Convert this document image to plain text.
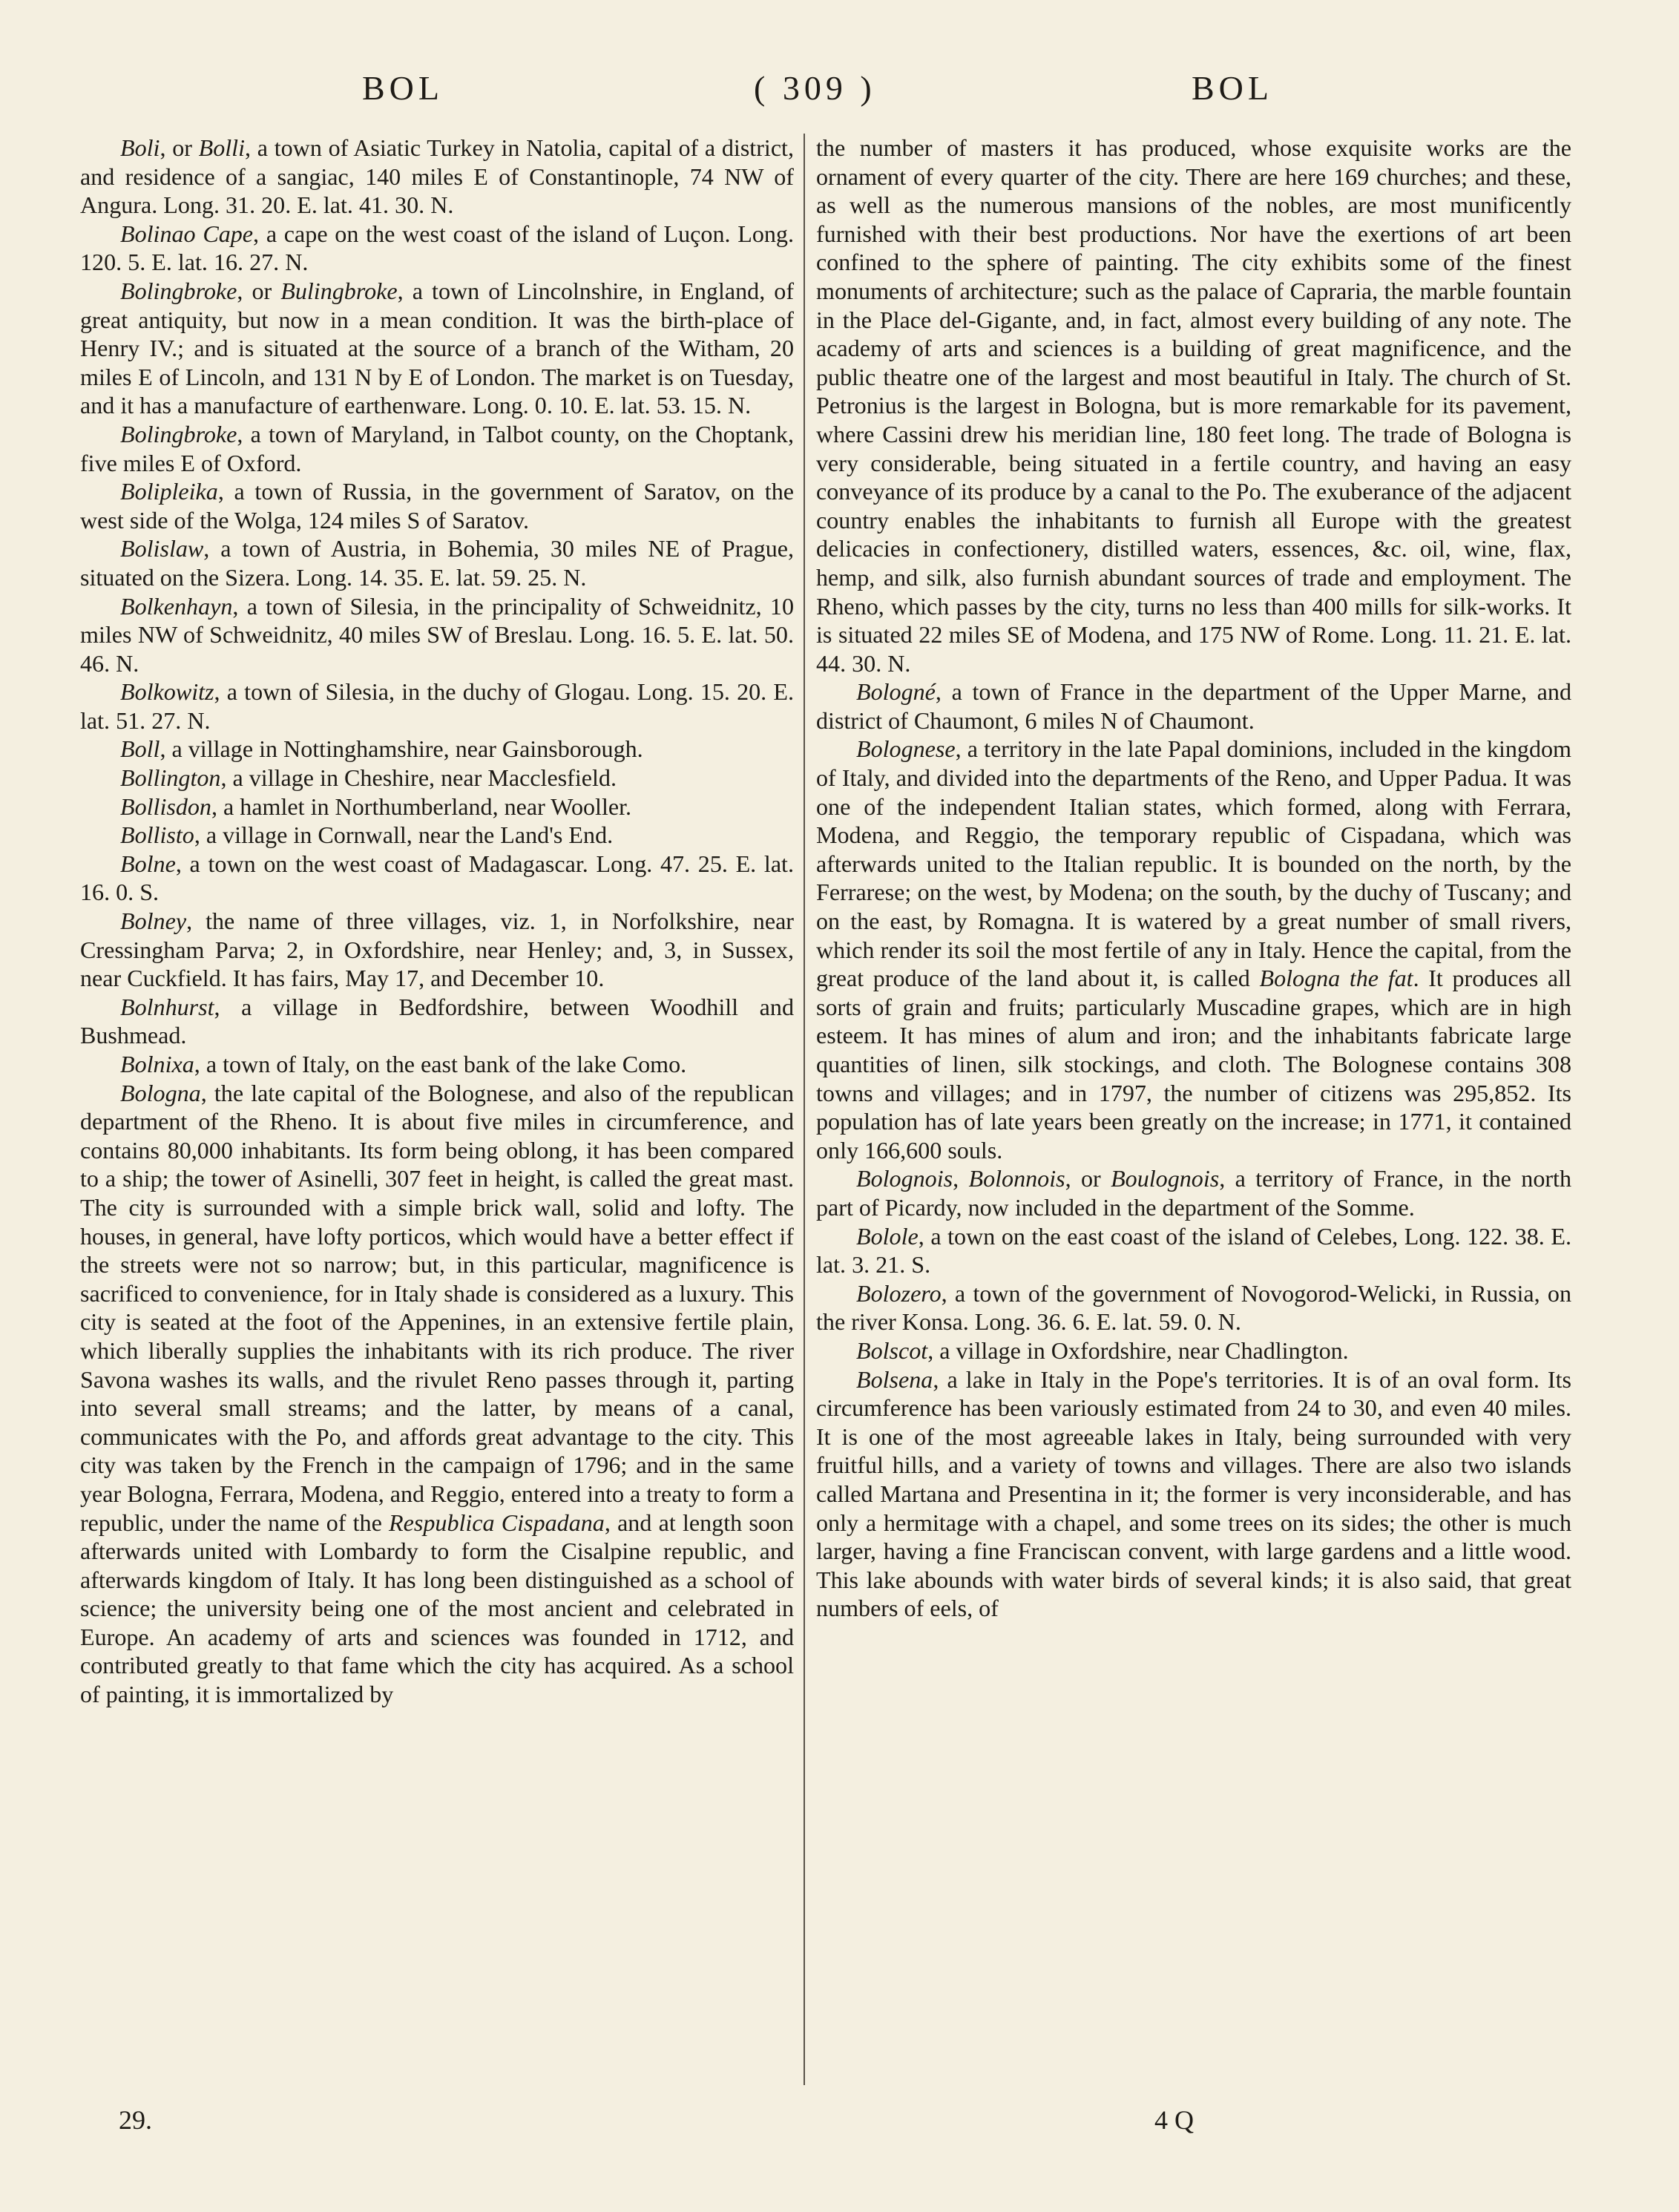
BOL	( 309 )	BOL

Boli, or Bolli, a town of Asiatic Turkey in Natolia, capital of a district, and residence of a sangiac, 140 miles E of Constantinople, 74 NW of Angura. Long. 31. 20. E. lat. 41. 30. N.

Bolinao Cape, a cape on the west coast of the island of Luçon. Long. 120. 5. E. lat. 16. 27. N.

Bolingbroke, or Bulingbroke, a town of Lincolnshire, in England, of great antiquity, but now in a mean condition. It was the birth-place of Henry IV.; and is situated at the source of a branch of the Witham, 20 miles E of Lincoln, and 131 N by E of London. The market is on Tuesday, and it has a manufacture of earthenware. Long. 0. 10. E. lat. 53. 15. N.

Bolingbroke, a town of Maryland, in Talbot county, on the Choptank, five miles E of Oxford.

Bolipleika, a town of Russia, in the government of Saratov, on the west side of the Wolga, 124 miles S of Saratov.

Bolislaw, a town of Austria, in Bohemia, 30 miles NE of Prague, situated on the Sizera. Long. 14. 35. E. lat. 59. 25. N.

Bolkenhayn, a town of Silesia, in the principality of Schweidnitz, 10 miles NW of Schweidnitz, 40 miles SW of Breslau. Long. 16. 5. E. lat. 50. 46. N.

Bolkowitz, a town of Silesia, in the duchy of Glogau. Long. 15. 20. E. lat. 51. 27. N.

Boll, a village in Nottinghamshire, near Gainsborough.

Bollington, a village in Cheshire, near Macclesfield.

Bollisdon, a hamlet in Northumberland, near Wooller.

Bollisto, a village in Cornwall, near the Land's End.

Bolne, a town on the west coast of Madagascar. Long. 47. 25. E. lat. 16. 0. S.

Bolney, the name of three villages, viz. 1, in Norfolkshire, near Cressingham Parva; 2, in Oxfordshire, near Henley; and, 3, in Sussex, near Cuckfield. It has fairs, May 17, and December 10.

Bolnhurst, a village in Bedfordshire, between Woodhill and Bushmead.

Bolnixa, a town of Italy, on the east bank of the lake Como.

Bologna, the late capital of the Bolognese, and also of the republican department of the Rheno. It is about five miles in circumference, and contains 80,000 inhabitants. Its form being oblong, it has been compared to a ship; the tower of Asinelli, 307 feet in height, is called the great mast. The city is surrounded with a simple brick wall, solid and lofty. The houses, in general, have lofty porticos, which would have a better effect if the streets were not so narrow; but, in this particular, magnificence is sacrificed to convenience, for in Italy shade is considered as a luxury. This city is seated at the foot of the Appenines, in an extensive fertile plain, which liberally supplies the inhabitants with its rich produce. The river Savona washes its walls, and the rivulet Reno passes through it, parting into several small streams; and the latter, by means of a canal, communicates with the Po, and affords great advantage to the city. This city was taken by the French in the campaign of 1796; and in the same year Bologna, Ferrara, Modena, and Reggio, entered into a treaty to form a republic, under the name of the Respublica Cispadana, and at length soon afterwards united with Lombardy to form the Cisalpine republic, and afterwards kingdom of Italy. It has long been distinguished as a school of science; the university being one of the most ancient and celebrated in Europe. An academy of arts and sciences was founded in 1712, and contributed greatly to that fame which the city has acquired. As a school of painting, it is immortalized by

the number of masters it has produced, whose exquisite works are the ornament of every quarter of the city. There are here 169 churches; and these, as well as the numerous mansions of the nobles, are most munificently furnished with their best productions. Nor have the exertions of art been confined to the sphere of painting. The city exhibits some of the finest monuments of architecture; such as the palace of Capraria, the marble fountain in the Place del-Gigante, and, in fact, almost every building of any note. The academy of arts and sciences is a building of great magnificence, and the public theatre one of the largest and most beautiful in Italy. The church of St. Petronius is the largest in Bologna, but is more remarkable for its pavement, where Cassini drew his meridian line, 180 feet long. The trade of Bologna is very considerable, being situated in a fertile country, and having an easy conveyance of its produce by a canal to the Po. The exuberance of the adjacent country enables the inhabitants to furnish all Europe with the greatest delicacies in confectionery, distilled waters, essences, &c. oil, wine, flax, hemp, and silk, also furnish abundant sources of trade and employment. The Rheno, which passes by the city, turns no less than 400 mills for silk-works. It is situated 22 miles SE of Modena, and 175 NW of Rome. Long. 11. 21. E. lat. 44. 30. N.

Bologné, a town of France in the department of the Upper Marne, and district of Chaumont, 6 miles N of Chaumont.

Bolognese, a territory in the late Papal dominions, included in the kingdom of Italy, and divided into the departments of the Reno, and Upper Padua. It was one of the independent Italian states, which formed, along with Ferrara, Modena, and Reggio, the temporary republic of Cispadana, which was afterwards united to the Italian republic. It is bounded on the north, by the Ferrarese; on the west, by Modena; on the south, by the duchy of Tuscany; and on the east, by Romagna. It is watered by a great number of small rivers, which render its soil the most fertile of any in Italy. Hence the capital, from the great produce of the land about it, is called Bologna the fat. It produces all sorts of grain and fruits; particularly Muscadine grapes, which are in high esteem. It has mines of alum and iron; and the inhabitants fabricate large quantities of linen, silk stockings, and cloth. The Bolognese contains 308 towns and villages; and in 1797, the number of citizens was 295,852. Its population has of late years been greatly on the increase; in 1771, it contained only 166,600 souls.

Bolognois, Bolonnois, or Boulognois, a territory of France, in the north part of Picardy, now included in the department of the Somme.

Bolole, a town on the east coast of the island of Celebes, Long. 122. 38. E. lat. 3. 21. S.

Bolozero, a town of the government of Novogorod-Welicki, in Russia, on the river Konsa. Long. 36. 6. E. lat. 59. 0. N.

Bolscot, a village in Oxfordshire, near Chadlington.

Bolsena, a lake in Italy in the Pope's territories. It is of an oval form. Its circumference has been variously estimated from 24 to 30, and even 40 miles. It is one of the most agreeable lakes in Italy, being surrounded with very fruitful hills, and a variety of towns and villages. There are also two islands called Martana and Presentina in it; the former is very inconsiderable, and has only a hermitage with a chapel, and some trees on its sides; the other is much larger, having a fine Franciscan convent, with large gardens and a little wood. This lake abounds with water birds of several kinds; it is also said, that great numbers of eels, of

29.	4 Q
